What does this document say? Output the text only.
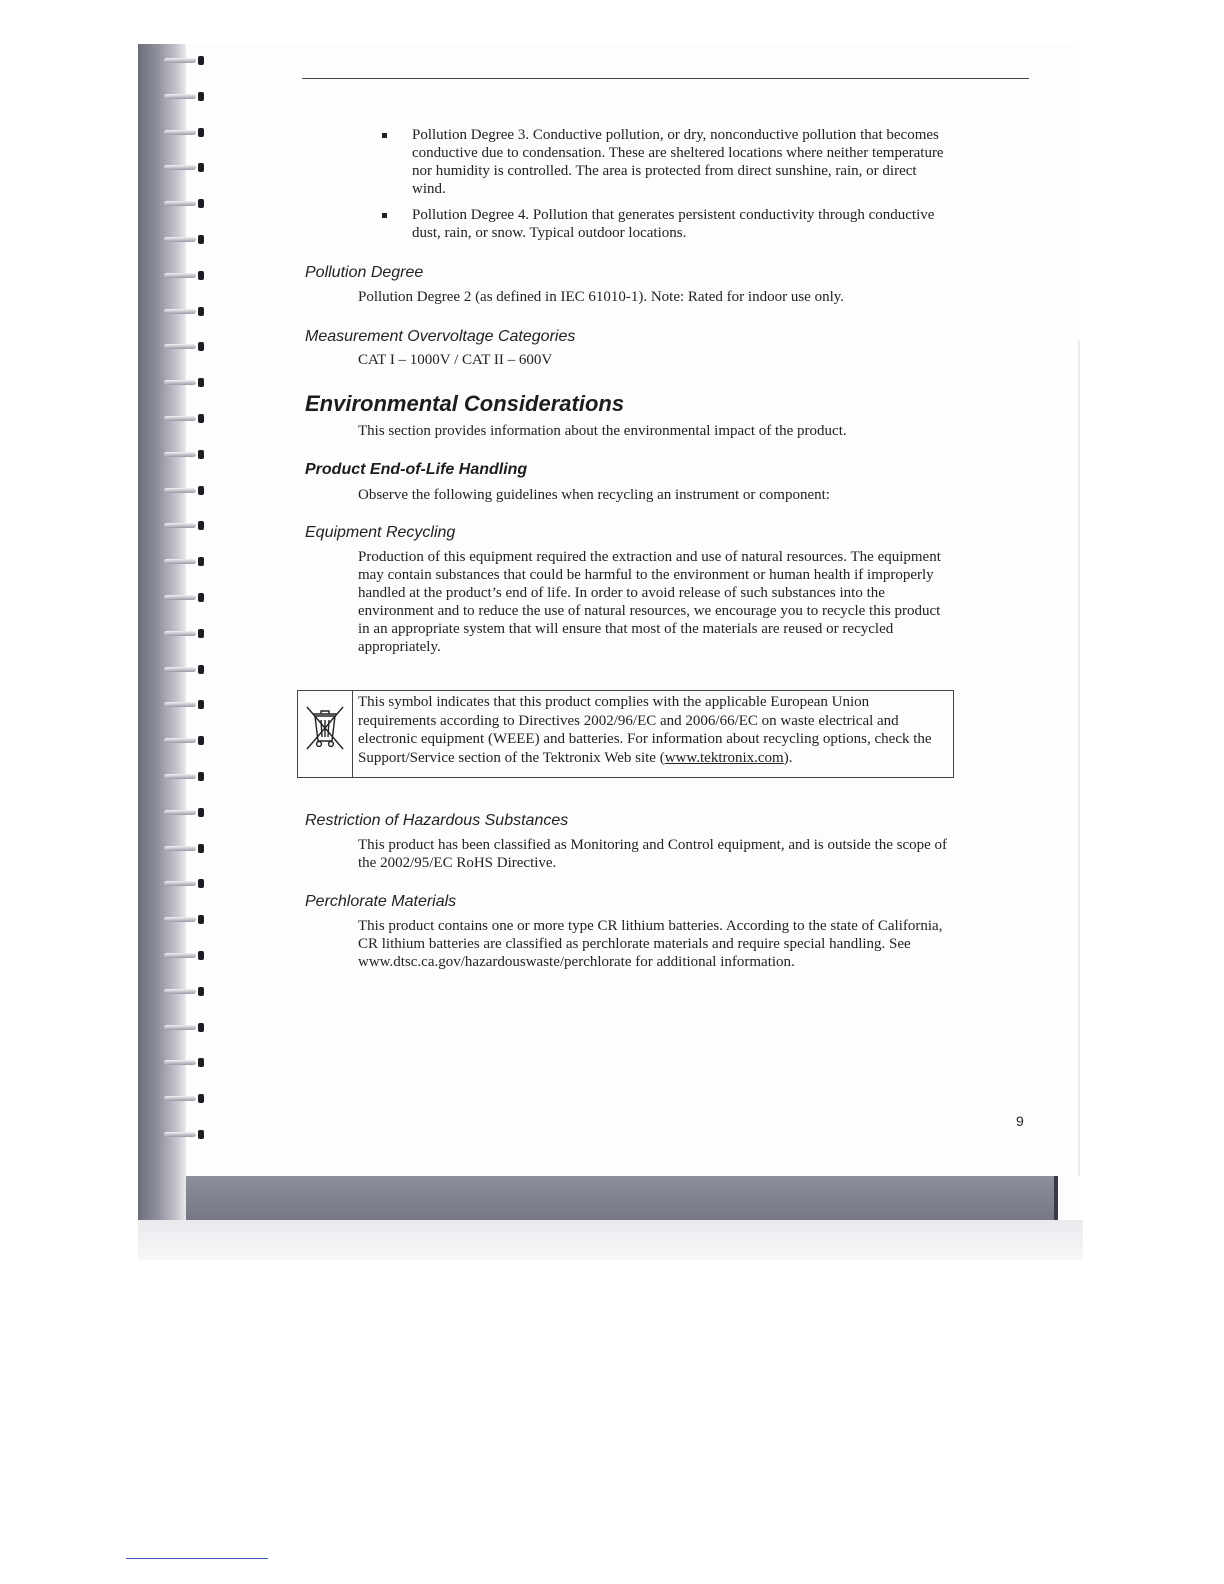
Pollution Degree 3. Conductive pollution, or dry, nonconductive pollution that becomes conductive due to condensation. These are sheltered locations where neither temperature nor humidity is controlled. The area is protected from direct sunshine, rain, or direct wind.
Pollution Degree 4. Pollution that generates persistent conductivity through conductive dust, rain, or snow. Typical outdoor locations.
Pollution Degree
Pollution Degree 2 (as defined in IEC 61010-1). Note: Rated for indoor use only.
Measurement Overvoltage Categories
CAT I – 1000V / CAT II – 600V
Environmental Considerations
This section provides information about the environmental impact of the product.
Product End-of-Life Handling
Observe the following guidelines when recycling an instrument or component:
Equipment Recycling
Production of this equipment required the extraction and use of natural resources. The equipment may contain substances that could be harmful to the environment or human health if improperly handled at the product’s end of life. In order to avoid release of such substances into the environment and to reduce the use of natural resources, we encourage you to recycle this product in an appropriate system that will ensure that most of the materials are reused or recycled appropriately.
This symbol indicates that this product complies with the applicable European Union requirements according to Directives 2002/96/EC and 2006/66/EC on waste electrical and electronic equipment (WEEE) and batteries. For information about recycling options, check the Support/Service section of the Tektronix Web site (www.tektronix.com).
Restriction of Hazardous Substances
This product has been classified as Monitoring and Control equipment, and is outside the scope of the 2002/95/EC RoHS Directive.
Perchlorate Materials
This product contains one or more type CR lithium batteries. According to the state of California, CR lithium batteries are classified as perchlorate materials and require special handling. See www.dtsc.ca.gov/hazardouswaste/perchlorate for additional information.
9
